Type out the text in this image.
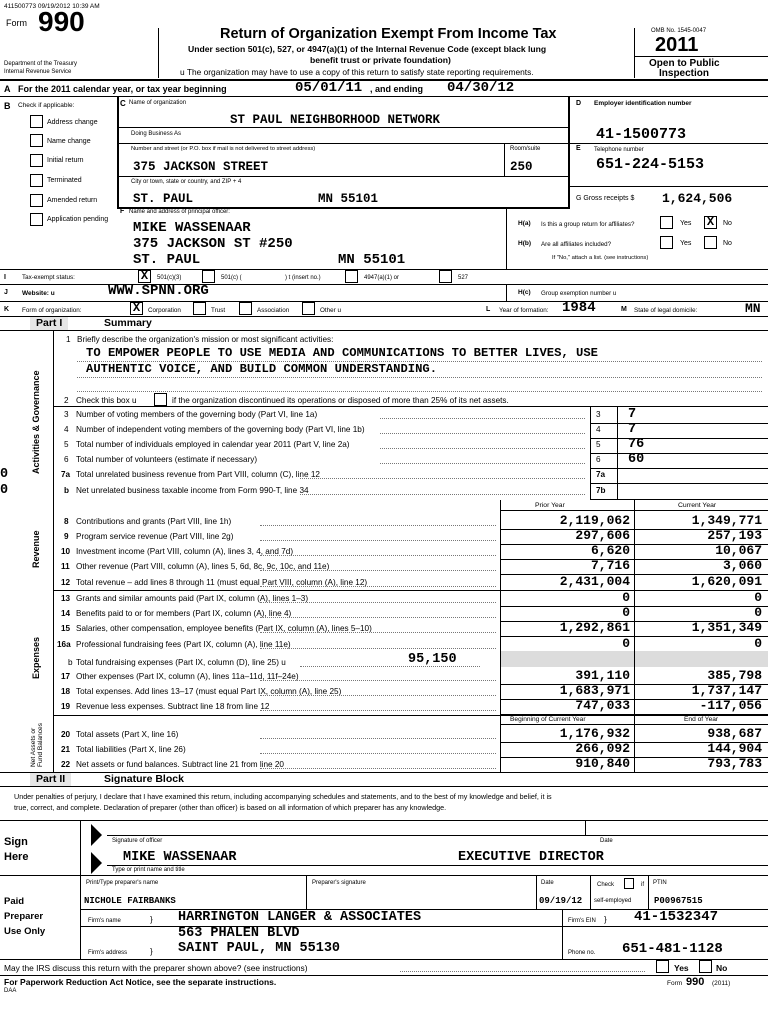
411500773 09/19/2012 10:39 AM
Form 990
Department of the Treasury
Internal Revenue Service
Return of Organization Exempt From Income Tax
Under section 501(c), 527, or 4947(a)(1) of the Internal Revenue Code (except black lung
benefit trust or private foundation)
u The organization may have to use a copy of this return to satisfy state reporting requirements.
OMB No. 1545-0047
2011
Open to Public
Inspection
A For the 2011 calendar year, or tax year beginning	05/01/11 , and ending 04/30/12
B Check if applicable:
Address change
Name change
Initial return
Terminated
Amended return
Application pending
C Name of organization
ST PAUL NEIGHBORHOOD NETWORK
Doing Business As
Number and street (or P.O. box if mail is not delivered to street address)	Room/suite
375 JACKSON STREET	250
City or town, state or country, and ZIP + 4
ST. PAUL	MN 55101
D Employer identification number
41-1500773
E Telephone number
651-224-5153
G Gross receipts $ 1,624,506
F Name and address of principal officer:
MIKE WASSENAAR
375 JACKSON ST #250
ST. PAUL	MN 55101
H(a) Is this a group return for affiliates?	Yes X	No
H(b) Are all affiliates included?	Yes	No
If "No," attach a list. (see instructions)
I	Tax-exempt status:	X	501(c)(3)	501(c) (	) t (insert no.)	4947(a)(1) or	527
J Website: u	WWW.SPNN.ORG	H(c) Group exemption number u
K Form of organization:	X	Corporation	Trust	Association	Other u	L Year of formation: 1984	M State of legal domicile:	MN
Part I	Summary
Activities & Governance
Revenue
Expenses
Net Assets or Fund Balances
1 Briefly describe the organization's mission or most significant activities:
TO EMPOWER PEOPLE TO USE MEDIA AND COMMUNICATIONS TO BETTER LIVES, USE
AUTHENTIC VOICE, AND BUILD COMMON UNDERSTANDING.
2 Check this box u	if the organization discontinued its operations or disposed of more than 25% of its net assets.
3 Number of voting members of the governing body (Part VI, line 1a)	3 7
4 Number of independent voting members of the governing body (Part VI, line 1b)	4 7
5 Total number of individuals employed in calendar year 2011 (Part V, line 2a)	5 76
6 Total number of volunteers (estimate if necessary)	6 60
7a Total unrelated business revenue from Part VIII, column (C), line 12	7a
0
b Net unrelated business taxable income from Form 990-T, line 34	7b
0
Prior Year	Current Year
8 Contributions and grants (Part VIII, line 1h)	2,119,062	1,349,771
9 Program service revenue (Part VIII, line 2g)	297,606	257,193
10 Investment income (Part VIII, column (A), lines 3, 4, and 7d)	6,620	10,067
11 Other revenue (Part VIII, column (A), lines 5, 6d, 8c, 9c, 10c, and 11e)	7,716	3,060
12 Total revenue – add lines 8 through 11 (must equal Part VIII, column (A), line 12)	2,431,004	1,620,091
13 Grants and similar amounts paid (Part IX, column (A), lines 1–3)	0	0
14 Benefits paid to or for members (Part IX, column (A), line 4)	0	0
15 Salaries, other compensation, employee benefits (Part IX, column (A), lines 5–10)	1,292,861	1,351,349
16a Professional fundraising fees (Part IX, column (A), line 11e)	0	0
17 Other expenses (Part IX, column (A), lines 11a–11d, 11f–24e)	391,110	385,798
18 Total expenses. Add lines 13–17 (must equal Part IX, column (A), line 25)	1,683,971	1,737,147
19 Revenue less expenses. Subtract line 18 from line 12	747,033	-117,056
b Total fundraising expenses (Part IX, column (D), line 25) u	95,150
Beginning of Current Year	End of Year
20 Total assets (Part X, line 16)	1,176,932	938,687
21 Total liabilities (Part X, line 26)	266,092	144,904
22 Net assets or fund balances. Subtract line 21 from line 20	910,840	793,783
Part II	Signature Block
Under penalties of perjury, I declare that I have examined this return, including accompanying schedules and statements, and to the best of my knowledge and belief, it is
true, correct, and complete. Declaration of preparer (other than officer) is based on all information of which preparer has any knowledge.
Sign
Here
Signature of officer	Date
MIKE WASSENAAR	EXECUTIVE DIRECTOR
Type or print name and title
Paid
Preparer
Use Only
Print/Type preparer's name	Preparer's signature	Date	Check	if
self-employed
PTIN
NICHOLE FAIRBANKS	09/19/12	P00967515
Firm's name	} HARRINGTON LANGER & ASSOCIATES	Firm's EIN } 41-1532347
563 PHALEN BLVD
Firm's address	} SAINT PAUL, MN 55130	Phone no. 651-481-1128
May the IRS discuss this return with the preparer shown above? (see instructions)	Yes	No
For Paperwork Reduction Act Notice, see the separate instructions.
DAA
Form 990 (2011)
